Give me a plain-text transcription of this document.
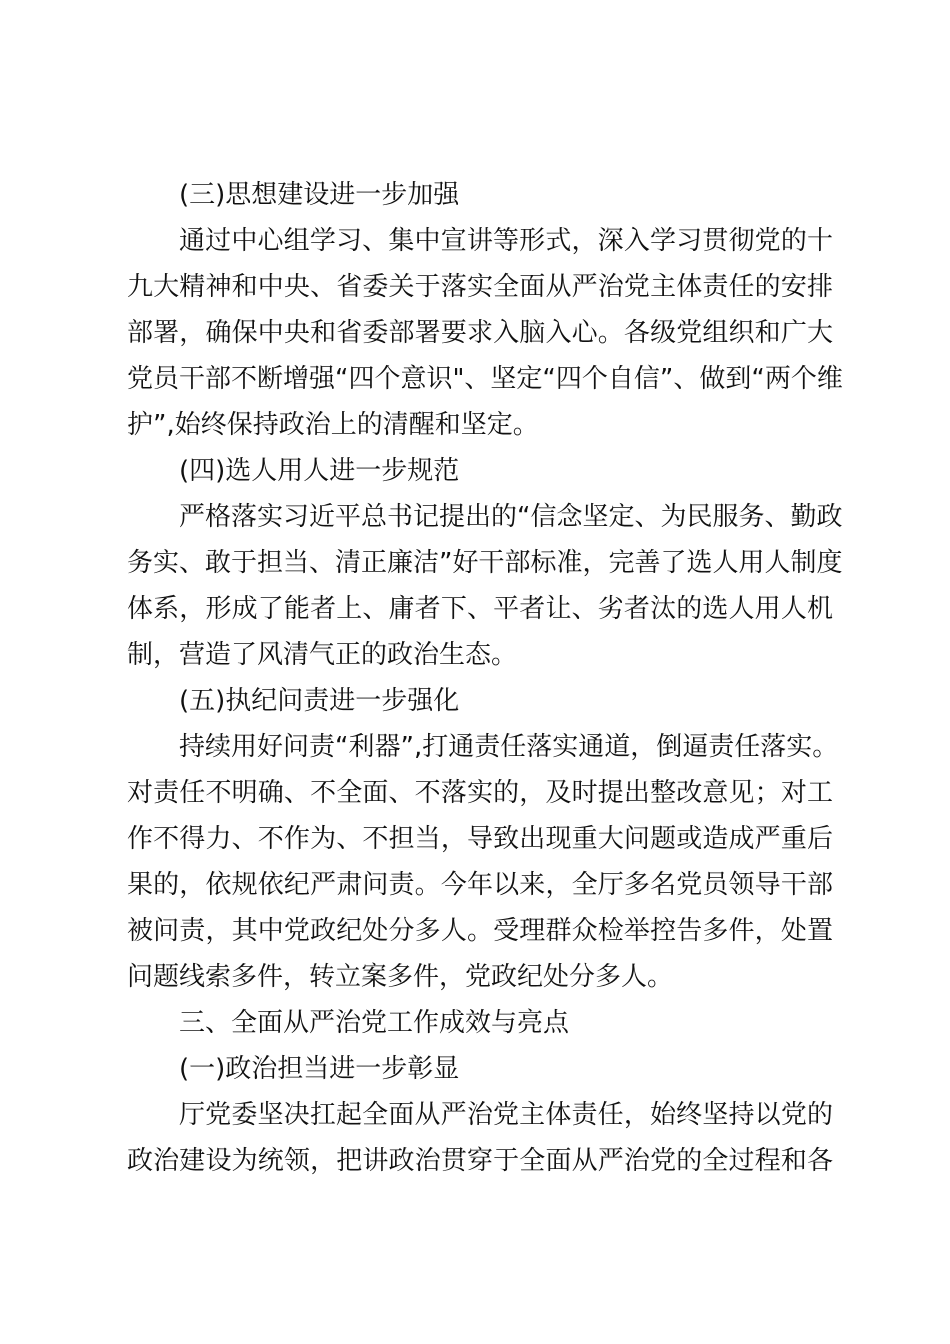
(三)思想建设进一步加强
通过中心组学习、集中宣讲等形式，深入学习贯彻党的十
九大精神和中央、省委关于落实全面从严治党主体责任的安排
部署，确保中央和省委部署要求入脑入心。各级党组织和广大
党员干部不断增强“四个意识"、坚定“四个自信”、做到“两个维
护”,始终保持政治上的清醒和坚定。
(四)选人用人进一步规范
严格落实习近平总书记提出的“信念坚定、为民服务、勤政
务实、敢于担当、清正廉洁”好干部标准，完善了选人用人制度
体系，形成了能者上、庸者下、平者让、劣者汰的选人用人机
制，营造了风清气正的政治生态。
(五)执纪问责进一步强化
持续用好问责“利器”,打通责任落实通道，倒逼责任落实。
对责任不明确、不全面、不落实的，及时提出整改意见；对工
作不得力、不作为、不担当，导致出现重大问题或造成严重后
果的，依规依纪严肃问责。今年以来，全厅多名党员领导干部
被问责，其中党政纪处分多人。受理群众检举控告多件，处置
问题线索多件，转立案多件，党政纪处分多人。
三、全面从严治党工作成效与亮点
(一)政治担当进一步彰显
厅党委坚决扛起全面从严治党主体责任，始终坚持以党的
政治建设为统领，把讲政治贯穿于全面从严治党的全过程和各
